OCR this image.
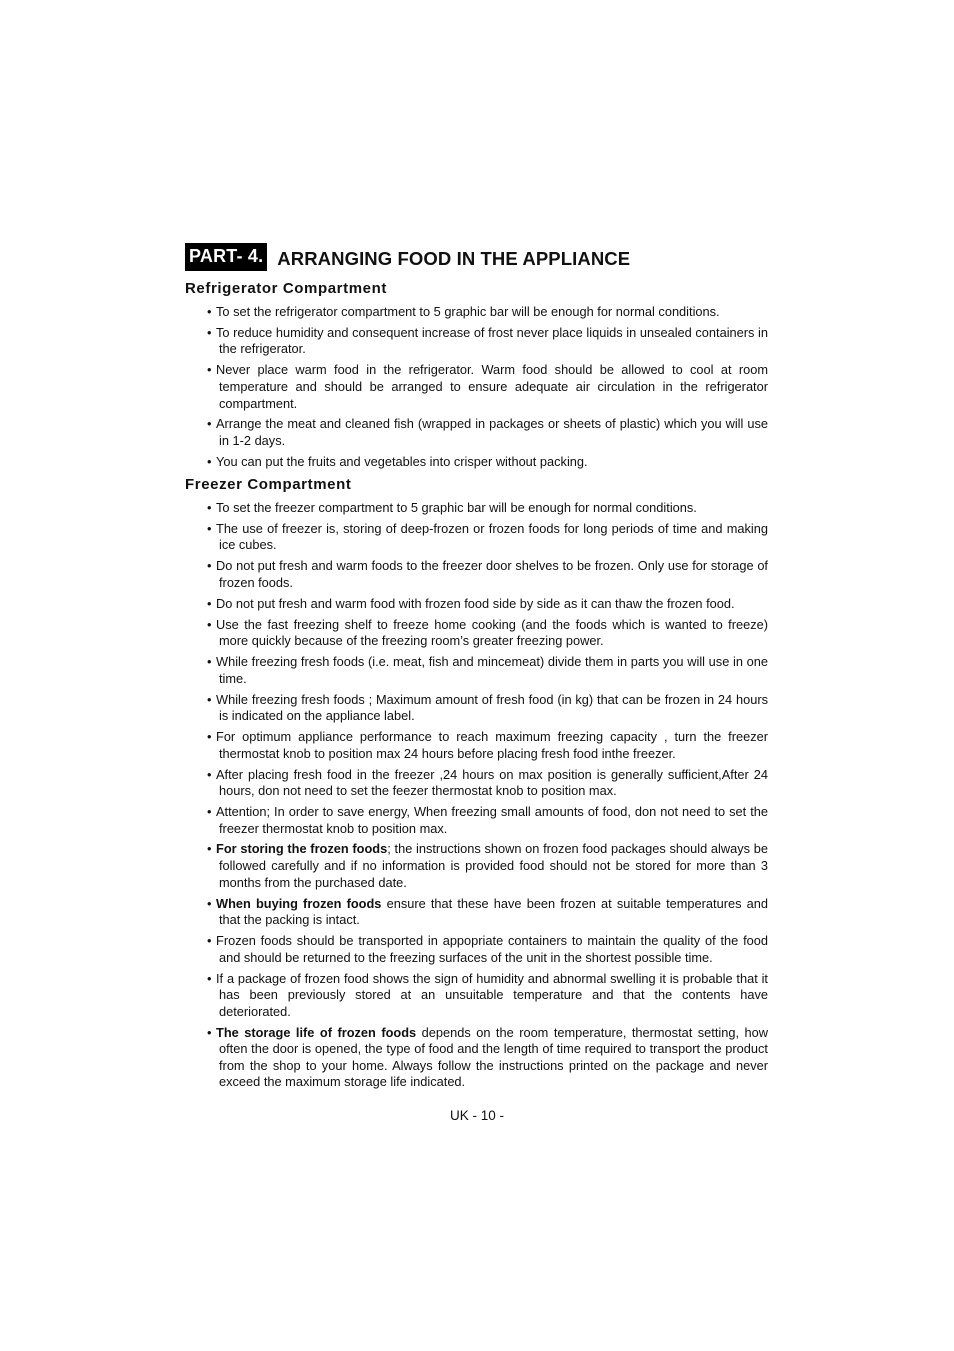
PART- 4. ARRANGING FOOD IN THE APPLIANCE
Refrigerator Compartment
• To set the refrigerator compartment to 5 graphic bar will be enough for normal conditions.
• To reduce humidity and consequent increase of frost never place liquids in unsealed containers in the refrigerator.
• Never place warm food in the refrigerator. Warm food should be allowed to cool at room temperature and should be arranged to ensure adequate air circulation in the refrigerator compartment.
• Arrange the meat and cleaned fish (wrapped in packages or sheets of plastic) which you will use in 1-2 days.
• You can put the fruits and vegetables into crisper without packing.
Freezer Compartment
• To set the freezer compartment to 5 graphic bar will be enough for normal conditions.
• The use of freezer is, storing of deep-frozen or frozen foods for long periods of time and making ice cubes.
• Do not put fresh and warm foods to the freezer door shelves to be frozen. Only use for storage of frozen foods.
• Do not put fresh and warm food with frozen food side by side as it can thaw the frozen food.
• Use the fast freezing shelf to freeze home cooking (and the foods which is wanted to freeze) more quickly because of the freezing room’s greater freezing power.
• While freezing fresh foods (i.e. meat, fish and mincemeat) divide them in parts you will use in one time.
• While freezing fresh foods ; Maximum amount of fresh food (in kg) that can be frozen in 24 hours is indicated on the appliance label.
• For optimum appliance performance to reach maximum freezing capacity , turn the freezer thermostat knob to position max 24 hours before placing fresh food inthe freezer.
• After placing fresh food in the freezer ,24 hours on max position is generally sufficient,After 24 hours, don not need to set the feezer thermostat knob to position max.
• Attention; In order to save energy, When freezing small amounts of food, don not need to set the freezer thermostat knob to position max.
• For storing the frozen foods; the instructions shown on frozen food packages should always be followed carefully and if no information is provided food should not be stored for more than 3 months from the purchased date.
• When buying frozen foods ensure that these have been frozen at suitable temperatures and that the packing is intact.
• Frozen foods should be transported in appopriate containers to maintain the quality of the food and should be returned to the freezing surfaces of the unit in the shortest possible time.
• If a package of frozen food shows the sign of humidity and abnormal swelling it is probable that it has been previously stored at an unsuitable temperature and that the contents have deteriorated.
• The storage life of frozen foods depends on the room temperature, thermostat setting, how often the door is opened, the type of food and the length of time required to transport the product from the shop to your home. Always follow the instructions printed on the package and never exceed the maximum storage life indicated.
UK - 10 -
